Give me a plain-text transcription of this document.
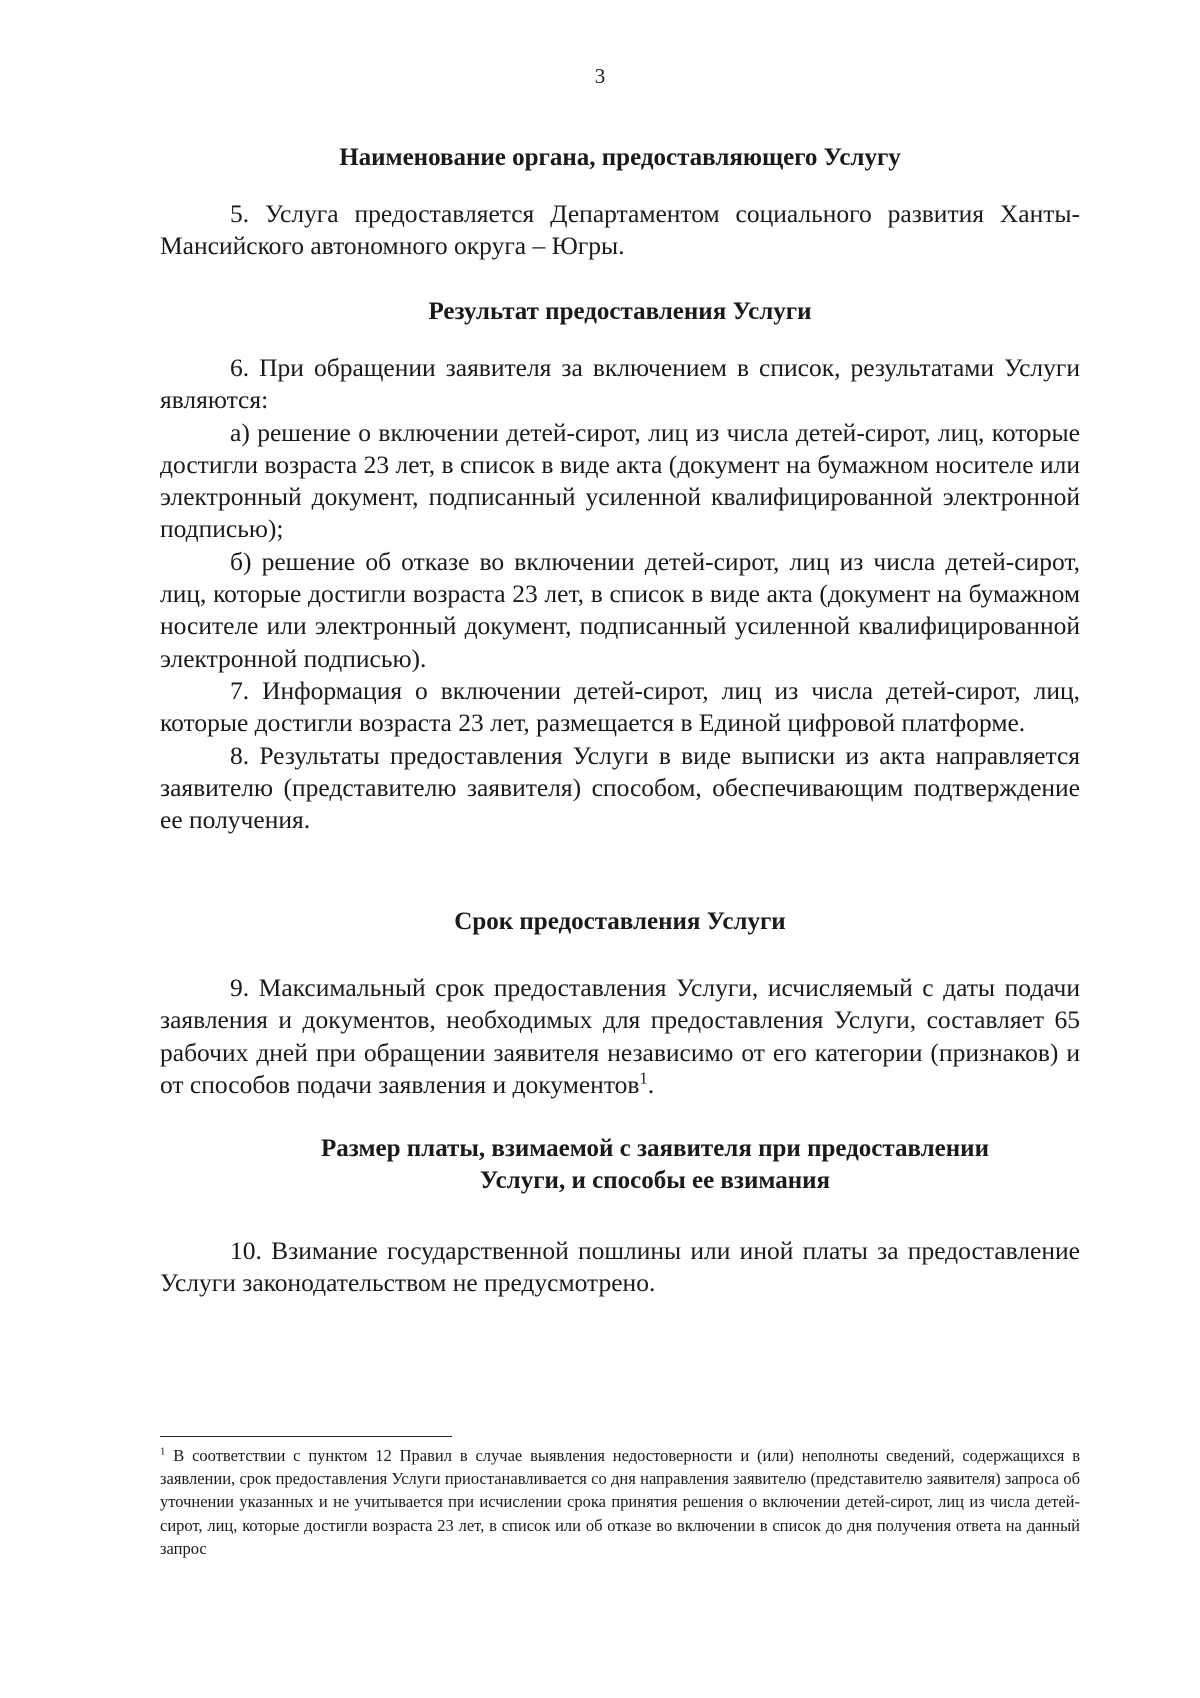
3
Наименование органа, предоставляющего Услугу

5. Услуга предоставляется Департаментом социального развития Ханты-Мансийского автономного округа – Югры.

Результат предоставления Услуги

6. При обращении заявителя за включением в список, результатами Услуги являются:

а) решение о включении детей-сирот, лиц из числа детей-сирот, лиц, которые достигли возраста 23 лет, в список в виде акта (документ на бумажном носителе или электронный документ, подписанный усиленной квалифицированной электронной подписью);

б) решение об отказе во включении детей-сирот, лиц из числа детей-сирот, лиц, которые достигли возраста 23 лет, в список в виде акта (документ на бумажном носителе или электронный документ, подписанный усиленной квалифицированной электронной подписью).

7. Информация о включении детей-сирот, лиц из числа детей-сирот, лиц, которые достигли возраста 23 лет, размещается в Единой цифровой платформе.

8. Результаты предоставления Услуги в виде выписки из акта направляется заявителю (представителю заявителя) способом, обеспечивающим подтверждение ее получения.

Срок предоставления Услуги

9. Максимальный срок предоставления Услуги, исчисляемый с даты подачи заявления и документов, необходимых для предоставления Услуги, составляет 65 рабочих дней при обращении заявителя независимо от его категории (признаков) и от способов подачи заявления и документов$^1$.

Размер платы, взимаемой с заявителя при предоставлении
Услуги, и способы ее взимания

10. Взимание государственной пошлины или иной платы за предоставление Услуги законодательством не предусмотрено.

$^1$ В соответствии с пунктом 12 Правил в случае выявления недостоверности и (или) неполноты сведений, содержащихся в заявлении, срок предоставления Услуги приостанавливается со дня направления заявителю (представителю заявителя) запроса об уточнении указанных и не учитывается при исчислении срока принятия решения о включении детей-сирот, лиц из числа детей-сирот, лиц, которые достигли возраста 23 лет, в список или об отказе во включении в список до дня получения ответа на данный запрос
